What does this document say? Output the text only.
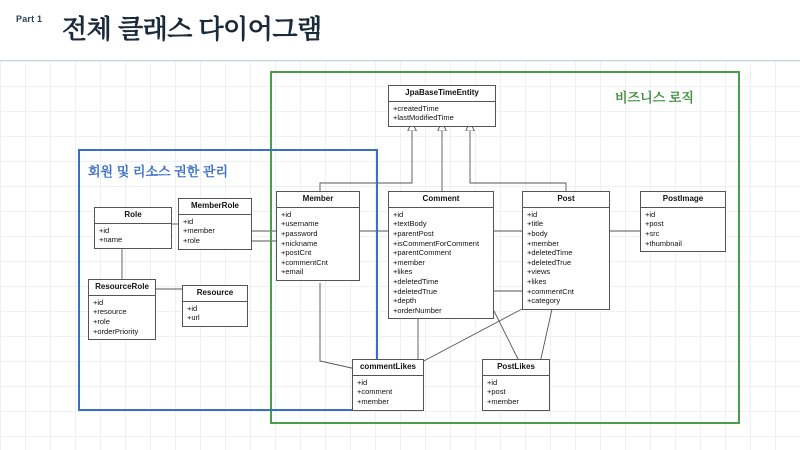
Part 1 전체 클래스 다이어그램
비즈니스 로직
회원 및 리소스 권한 관리
JpaBaseTimeEntity
+createdTime
+lastModifiedTime
Role
+id
+name
MemberRole
+id
+member
+role
ResourceRole
+id
+resource
+role
+orderPriority
Resource
+id
+url
Member
+id
+username
+password
+nickname
+postCnt
+commentCnt
+email
Comment
+id
+textBody
+parentPost
+isCommentForComment
+parentComment
+member
+likes
+deletedTime
+deletedTrue
+depth
+orderNumber
Post
+id
+title
+body
+member
+deletedTime
+deletedTrue
+views
+likes
+commentCnt
+category
PostImage
+id
+post
+src
+thumbnail
commentLikes
+id
+comment
+member
PostLikes
+id
+post
+member
